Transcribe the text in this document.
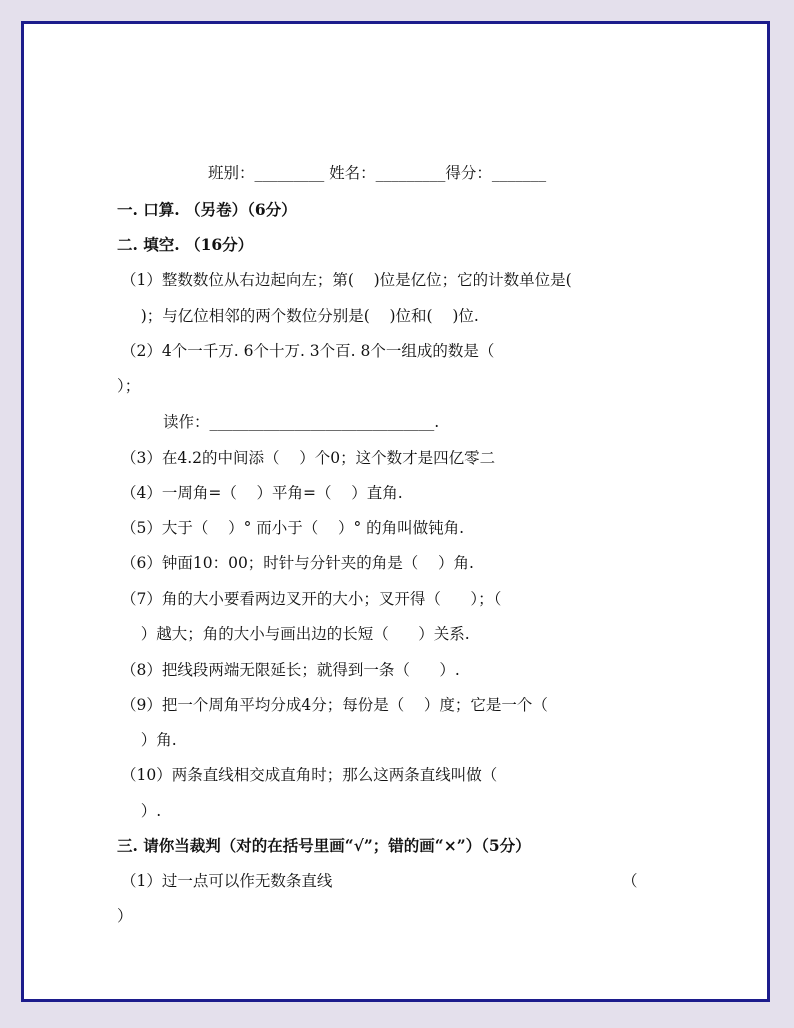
班别：_________ 姓名：_________得分：_______
一. 口算. （另卷）（6分）
二. 填空. （16分）
（1）整数数位从右边起向左；第(    )位是亿位；它的计数单位是(
)；与亿位相邻的两个数位分别是(    )位和(    )位.
（2）4个一千万. 6个十万. 3个百. 8个一组成的数是（
）；
读作：_____________________________.
（3）在4.2的中间添（    ）个0；这个数才是四亿零二
（4）一周角=（    ）平角=（    ）直角.
（5）大于（    ）° 而小于（    ）° 的角叫做钝角.
（6）钟面10：00；时针与分针夹的角是（    ）角.
（7）角的大小要看两边叉开的大小；叉开得（      ）；（
）越大；角的大小与画出边的长短（      ）关系.
（8）把线段两端无限延长；就得到一条（      ）.
（9）把一个周角平均分成4分；每份是（    ）度；它是一个（
）角.
（10）两条直线相交成直角时；那么这两条直线叫做（
）.
三. 请你当裁判（对的在括号里画“√”；错的画“×”）（5分）
（1）过一点可以作无数条直线	（
）
